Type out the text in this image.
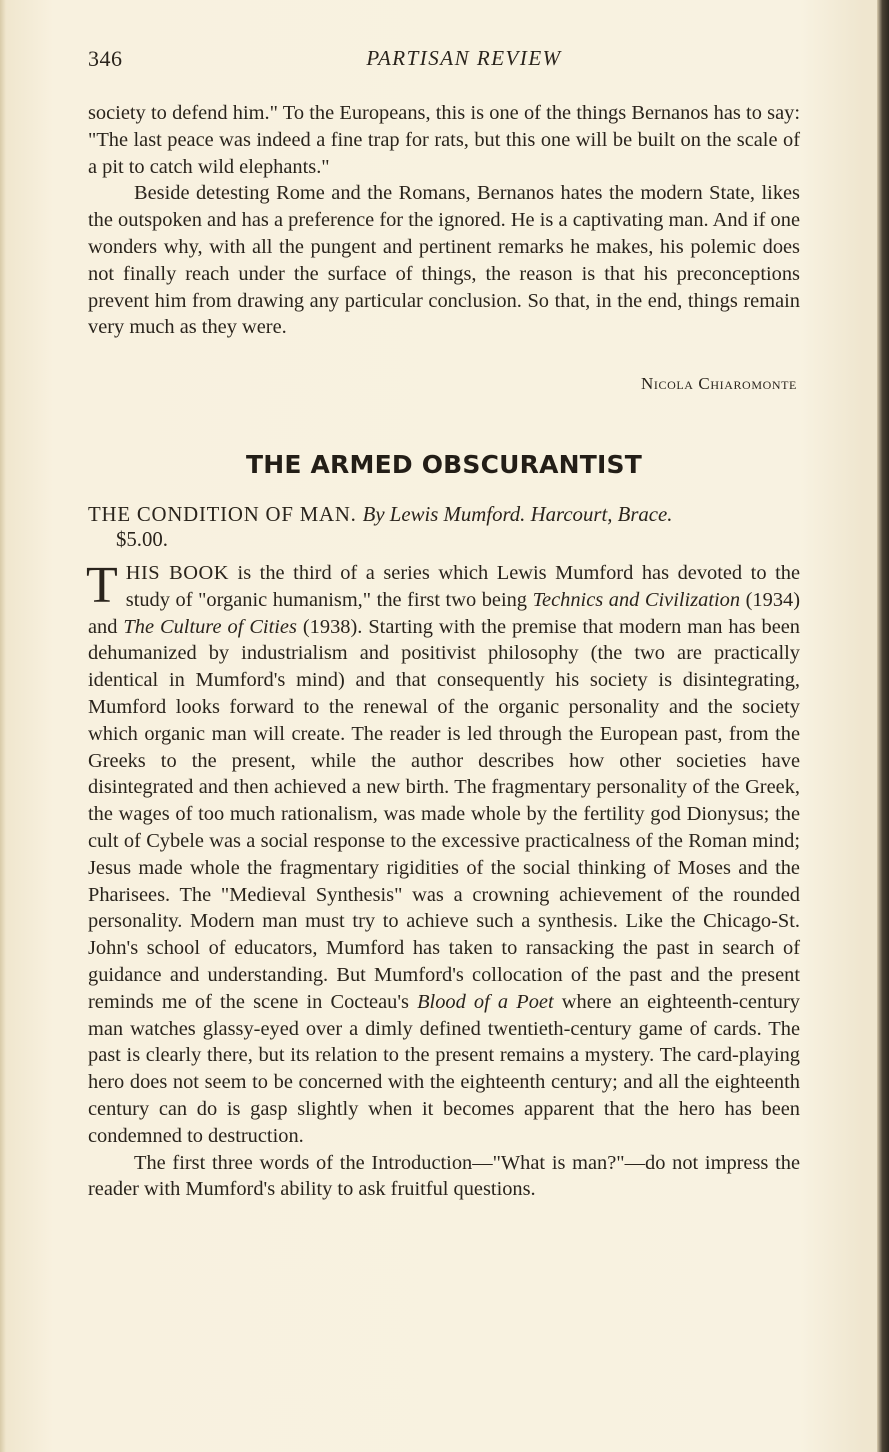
346	PARTISAN REVIEW

society to defend him." To the Europeans, this is one of the things Bernanos has to say: "The last peace was indeed a fine trap for rats, but this one will be built on the scale of a pit to catch wild elephants."

Beside detesting Rome and the Romans, Bernanos hates the modern State, likes the outspoken and has a preference for the ignored. He is a captivating man. And if one wonders why, with all the pungent and pertinent remarks he makes, his polemic does not finally reach under the surface of things, the reason is that his preconceptions prevent him from drawing any particular conclusion. So that, in the end, things remain very much as they were.

Nicola Chiaromonte
THE ARMED OBSCURANTIST
THE CONDITION OF MAN. By Lewis Mumford. Harcourt, Brace.
$5.00.

THIS BOOK is the third of a series which Lewis Mumford has devoted to the study of "organic humanism," the first two being Technics and Civilization (1934) and The Culture of Cities (1938). Starting with the premise that modern man has been dehumanized by industrialism and positivist philosophy (the two are practically identical in Mumford's mind) and that consequently his society is disintegrating, Mumford looks forward to the renewal of the organic personality and the society which organic man will create. The reader is led through the European past, from the Greeks to the present, while the author describes how other societies have disintegrated and then achieved a new birth. The fragmentary personality of the Greek, the wages of too much rationalism, was made whole by the fertility god Dionysus; the cult of Cybele was a social response to the excessive practicalness of the Roman mind; Jesus made whole the fragmentary rigidities of the social thinking of Moses and the Pharisees. The "Medieval Synthesis" was a crowning achievement of the rounded personality. Modern man must try to achieve such a synthesis. Like the Chicago-St. John's school of educators, Mumford has taken to ransacking the past in search of guidance and understanding. But Mumford's collocation of the past and the present reminds me of the scene in Cocteau's Blood of a Poet where an eighteenth-century man watches glassy-eyed over a dimly defined twentieth-century game of cards. The past is clearly there, but its relation to the present remains a mystery. The card-playing hero does not seem to be concerned with the eighteenth century; and all the eighteenth century can do is gasp slightly when it becomes apparent that the hero has been condemned to destruction.

The first three words of the Introduction—"What is man?"—do not impress the reader with Mumford's ability to ask fruitful questions.
